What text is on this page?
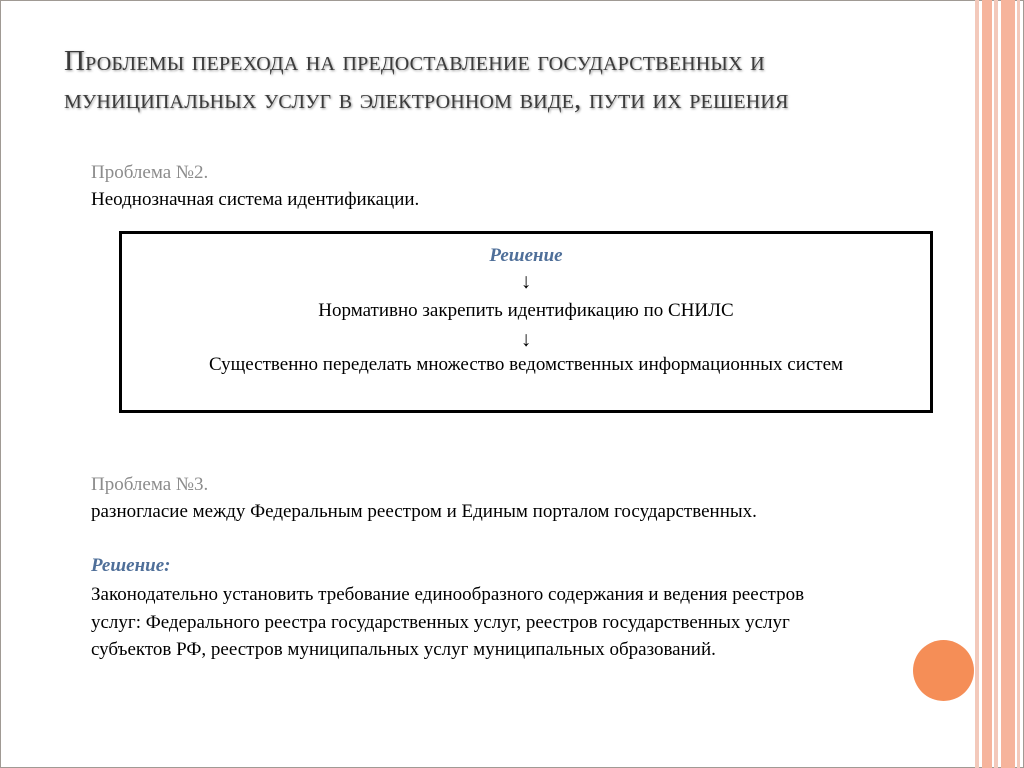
Проблемы перехода на предоставление государственных и
муниципальных услуг в электронном виде, пути их решения
Проблема №2.
Неоднозначная система идентификации.
Решение
↓
Нормативно закрепить идентификацию по СНИЛС
↓
Существенно переделать множество ведомственных информационных систем
Проблема №3.
разногласие между Федеральным реестром и Единым порталом государственных.
Решение:
Законодательно установить требование единообразного содержания и ведения реестров
услуг: Федерального реестра государственных услуг, реестров государственных услуг
субъектов РФ, реестров муниципальных услуг муниципальных образований.
